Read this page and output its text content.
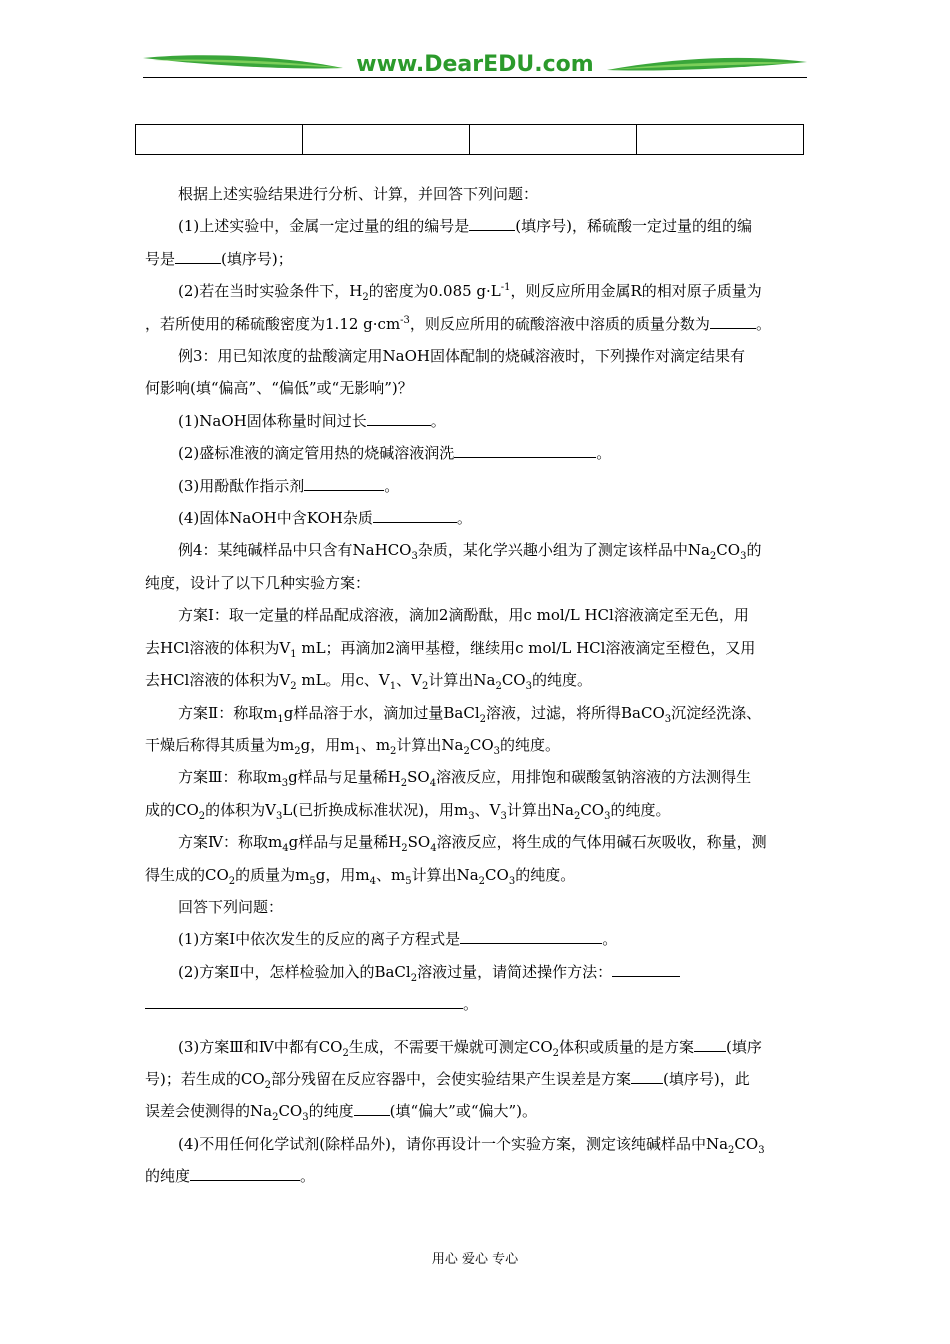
www.DearEDU.com

根据上述实验结果进行分析、计算，并回答下列问题：

(1)上述实验中，金属一定过量的组的编号是	(填序号)，稀硫酸一定过量的组的编

号是	(填序号)；

(2)若在当时实验条件下，$H_2$的密度为0.085 $g\cdot L^{-1}$，则反应所用金属R的相对原子质量为

，若所使用的稀硫酸密度为1.12 $g\cdot cm^{-3}$，则反应所用的硫酸溶液中溶质的质量分数为	。

例3：用已知浓度的盐酸滴定用NaOH固体配制的烧碱溶液时，下列操作对滴定结果有

何影响(填“偏高”、“偏低”或“无影响”)？

(1)NaOH固体称量时间过长	。

(2)盛标准液的滴定管用热的烧碱溶液润洗	。

(3)用酚酞作指示剂	。

(4)固体NaOH中含KOH杂质	。

例4：某纯碱样品中只含有NaHCO$_3$杂质，某化学兴趣小组为了测定该样品中$Na_2CO_3$的

纯度，设计了以下几种实验方案：

方案Ⅰ：取一定量的样品配成溶液，滴加2滴酚酞，用c mol/L HCl溶液滴定至无色，用

去HCl溶液的体积为$V_1$ mL；再滴加2滴甲基橙，继续用c mol/L HCl溶液滴定至橙色，又用

去HCl溶液的体积为$V_2$ mL。用c、$V_1$、$V_2$计算出$Na_2CO_3$的纯度。

方案Ⅱ：称取$m_1g$样品溶于水，滴加过量BaCl$_2$溶液，过滤，将所得BaCO$_3$沉淀经洗涤、

干燥后称得其质量为$m_2g$，用$m_1$、$m_2$计算出$Na_2CO_3$的纯度。

方案Ⅲ：称取$m_3g$样品与足量稀$H_2SO_4$溶液反应，用排饱和碳酸氢钠溶液的方法测得生

成的$CO_2$的体积为$V_3L$(已折换成标准状况)，用$m_3$、$V_3$计算出$Na_2CO_3$的纯度。

方案Ⅳ：称取$m_4g$样品与足量稀$H_2SO_4$溶液反应，将生成的气体用碱石灰吸收，称量，测

得生成的$CO_2$的质量为$m_5g$，用$m_4$、$m_5$计算出$Na_2CO_3$的纯度。

回答下列问题：

(1)方案Ⅰ中依次发生的反应的离子方程式是	。

(2)方案Ⅱ中，怎样检验加入的BaCl$_2$溶液过量，请简述操作方法：

。

(3)方案Ⅲ和Ⅳ中都有$CO_2$生成，不需要干燥就可测定$CO_2$体积或质量的是方案 (填序

号)；若生成的$CO_2$部分残留在反应容器中，会使实验结果产生误差是方案 (填序号)，此

误差会使测得的$Na_2CO_3$的纯度 (填“偏大”或“偏大”)。

(4)不用任何化学试剂(除样品外)，请你再设计一个实验方案，测定该纯碱样品中$Na_2CO_3$

的纯度	。

用心 爱心 专心
